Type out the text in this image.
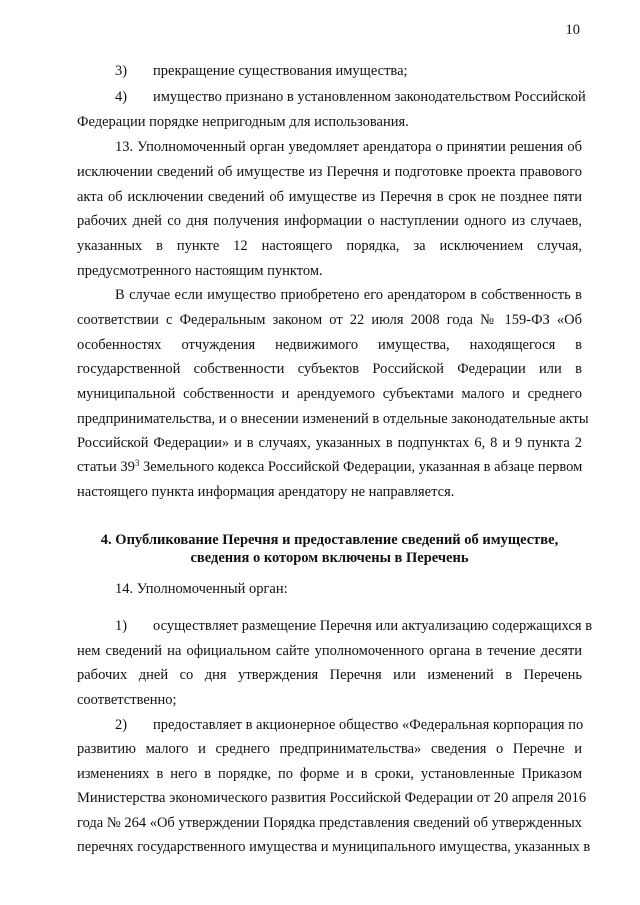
10
3) прекращение существования имущества;
4) имущество признано в установленном законодательством Российской
Федерации порядке непригодным для использования.
13. Уполномоченный орган уведомляет арендатора о принятии решения об
исключении сведений об имуществе из Перечня и подготовке проекта правового
акта об исключении сведений об имуществе из Перечня в срок не позднее пяти
рабочих дней со дня получения информации о наступлении одного из случаев,
указанных в пункте 12 настоящего порядка, за исключением случая,
предусмотренного настоящим пунктом.
В случае если имущество приобретено его арендатором в собственность в
соответствии с Федеральным законом от 22 июля 2008 года № 159-ФЗ «Об
особенностях отчуждения недвижимого имущества, находящегося в
государственной собственности субъектов Российской Федерации или в
муниципальной собственности и арендуемого субъектами малого и среднего
предпринимательства, и о внесении изменений в отдельные законодательные акты
Российской Федерации» и в случаях, указанных в подпунктах 6, 8 и 9 пункта 2
статьи $39^3$ Земельного кодекса Российской Федерации, указанная в абзаце первом
настоящего пункта информация арендатору не направляется.
4. Опубликование Перечня и предоставление сведений об имуществе,
сведения о котором включены в Перечень
14. Уполномоченный орган:
1) осуществляет размещение Перечня или актуализацию содержащихся в
нем сведений на официальном сайте уполномоченного органа в течение десяти
рабочих дней со дня утверждения Перечня или изменений в Перечень
соответственно;
2) предоставляет в акционерное общество «Федеральная корпорация по
развитию малого и среднего предпринимательства» сведения о Перечне и
изменениях в него в порядке, по форме и в сроки, установленные Приказом
Министерства экономического развития Российской Федерации от 20 апреля 2016
года № 264 «Об утверждении Порядка представления сведений об утвержденных
перечнях государственного имущества и муниципального имущества, указанных в
